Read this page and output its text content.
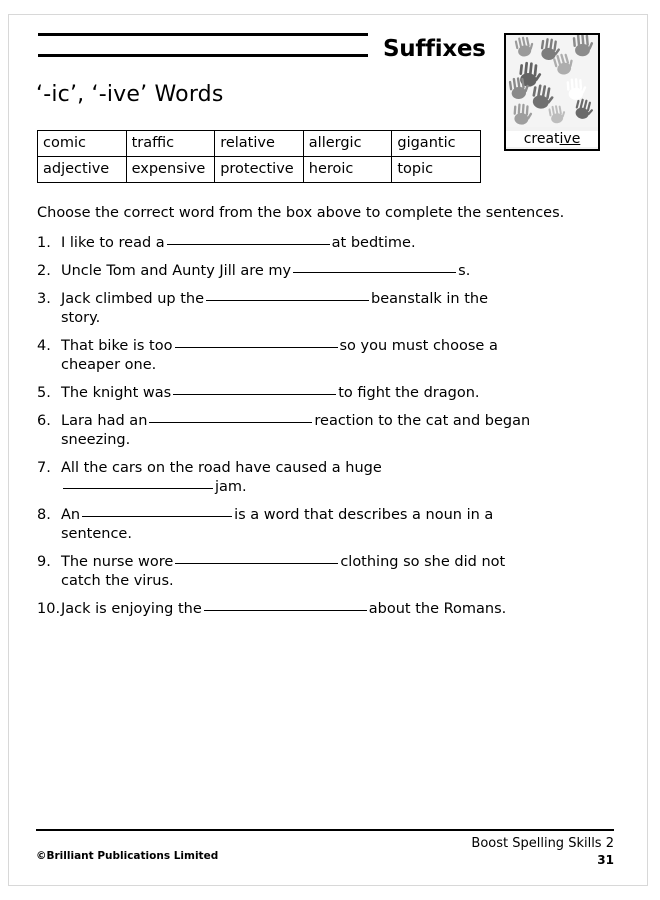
Suffixes
‘-ic’, ‘-ive’ Words
creative
comic	traffic	relative	allergic	gigantic
adjective	expensive	protective	heroic	topic
Choose the correct word from the box above to complete the sentences.
1. I like to read a	at bedtime.
2. Uncle Tom and Aunty Jill are my	s.
3. Jack climbed up the	beanstalk in the
story.
4. That bike is too	so you must choose a
cheaper one.
5. The knight was	to fight the dragon.
6. Lara had an	reaction to the cat and began
sneezing.
7. All the cars on the road have caused a huge
jam.
8. An	is a word that describes a noun in a
sentence.
9. The nurse wore	clothing so she did not
catch the virus.
10. Jack is enjoying the	about the Romans.
©Brilliant Publications Limited
Boost Spelling Skills 2
31
